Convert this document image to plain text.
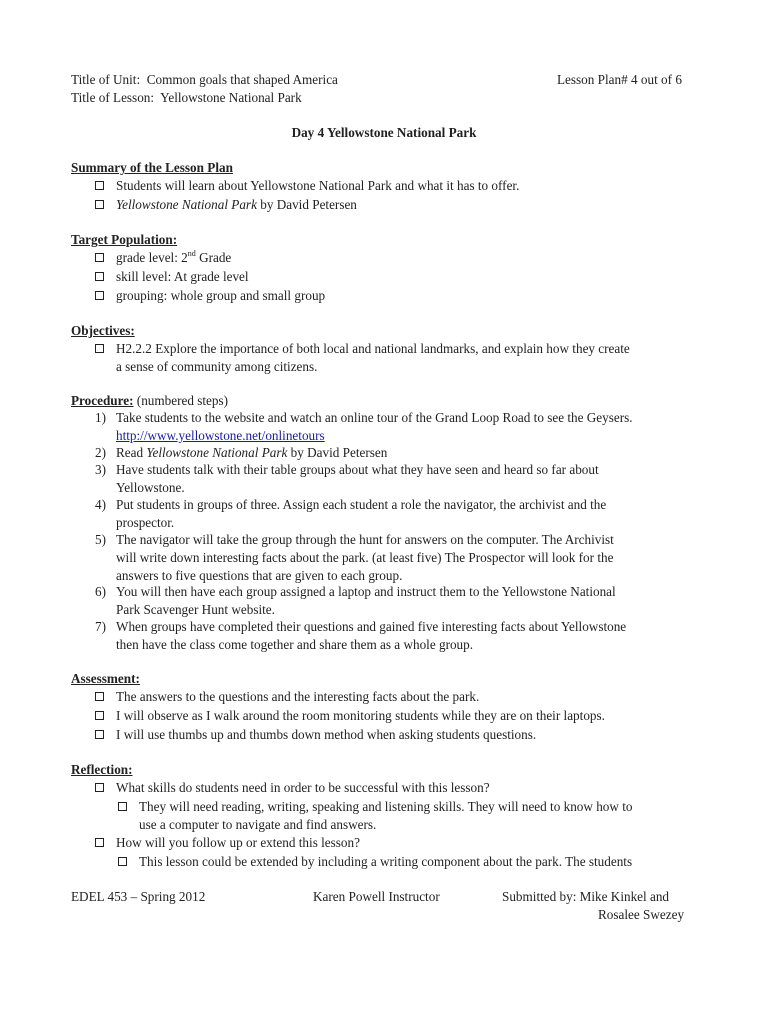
Title of Unit: Common goals that shaped America	Lesson Plan# 4 out of 6
Title of Lesson: Yellowstone National Park
Day 4 Yellowstone National Park
Summary of the Lesson Plan
Students will learn about Yellowstone National Park and what it has to offer.
Yellowstone National Park by David Petersen
Target Population:
grade level: 2nd Grade
skill level: At grade level
grouping: whole group and small group
Objectives:
H2.2.2 Explore the importance of both local and national landmarks, and explain how they create
a sense of community among citizens.
Procedure: (numbered steps)
1) Take students to the website and watch an online tour of the Grand Loop Road to see the Geysers.
http://www.yellowstone.net/onlinetours
2) Read Yellowstone National Park by David Petersen
3) Have students talk with their table groups about what they have seen and heard so far about
Yellowstone.
4) Put students in groups of three. Assign each student a role the navigator, the archivist and the
prospector.
5) The navigator will take the group through the hunt for answers on the computer. The Archivist
will write down interesting facts about the park. (at least five) The Prospector will look for the
answers to five questions that are given to each group.
6) You will then have each group assigned a laptop and instruct them to the Yellowstone National
Park Scavenger Hunt website.
7) When groups have completed their questions and gained five interesting facts about Yellowstone
then have the class come together and share them as a whole group.
Assessment:
The answers to the questions and the interesting facts about the park.
I will observe as I walk around the room monitoring students while they are on their laptops.
I will use thumbs up and thumbs down method when asking students questions.
Reflection:
What skills do students need in order to be successful with this lesson?
They will need reading, writing, speaking and listening skills. They will need to know how to
use a computer to navigate and find answers.
How will you follow up or extend this lesson?
This lesson could be extended by including a writing component about the park. The students
EDEL 453 – Spring 2012	Karen Powell Instructor	Submitted by: Mike Kinkel and
Rosalee Swezey
